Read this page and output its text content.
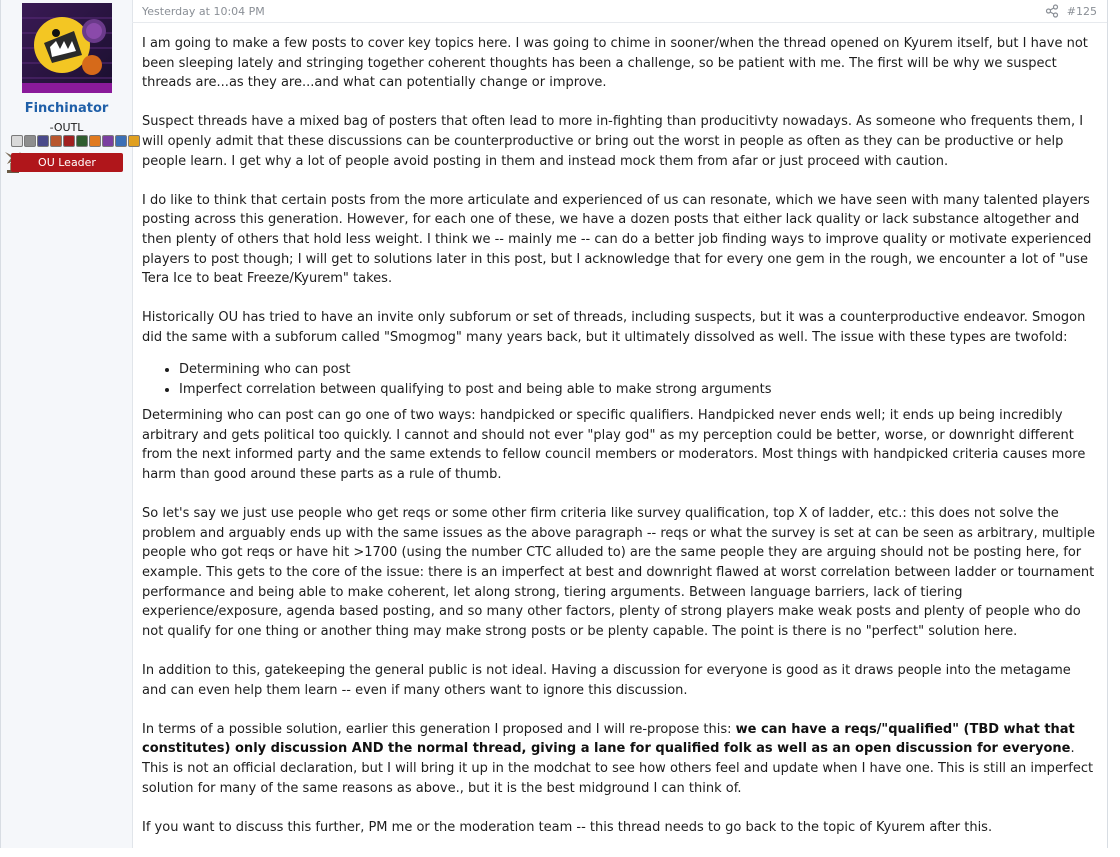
Finchinator
-OUTL
OU Leader
Yesterday at 10:04 PM	#125

I am going to make a few posts to cover key topics here. I was going to chime in sooner/when the thread opened on Kyurem itself, but I have not been sleeping lately and stringing together coherent thoughts has been a challenge, so be patient with me. The first will be why we suspect threads are...as they are...and what can potentially change or improve.

Suspect threads have a mixed bag of posters that often lead to more in-fighting than producitivty nowadays. As someone who frequents them, I will openly admit that these discussions can be counterproductive or bring out the worst in people as often as they can be productive or help people learn. I get why a lot of people avoid posting in them and instead mock them from afar or just proceed with caution.

I do like to think that certain posts from the more articulate and experienced of us can resonate, which we have seen with many talented players posting across this generation. However, for each one of these, we have a dozen posts that either lack quality or lack substance altogether and then plenty of others that hold less weight. I think we -- mainly me -- can do a better job finding ways to improve quality or motivate experienced players to post though; I will get to solutions later in this post, but I acknowledge that for every one gem in the rough, we encounter a lot of "use Tera Ice to beat Freeze/Kyurem" takes.

Historically OU has tried to have an invite only subforum or set of threads, including suspects, but it was a counterproductive endeavor. Smogon did the same with a subforum called "Smogmog" many years back, but it ultimately dissolved as well. The issue with these types are twofold:

• Determining who can post
• Imperfect correlation between qualifying to post and being able to make strong arguments

Determining who can post can go one of two ways: handpicked or specific qualifiers. Handpicked never ends well; it ends up being incredibly arbitrary and gets political too quickly. I cannot and should not ever "play god" as my perception could be better, worse, or downright different from the next informed party and the same extends to fellow council members or moderators. Most things with handpicked criteria causes more harm than good around these parts as a rule of thumb.

So let's say we just use people who get reqs or some other firm criteria like survey qualification, top X of ladder, etc.: this does not solve the problem and arguably ends up with the same issues as the above paragraph -- reqs or what the survey is set at can be seen as arbitrary, multiple people who got reqs or have hit >1700 (using the number CTC alluded to) are the same people they are arguing should not be posting here, for example. This gets to the core of the issue: there is an imperfect at best and downright flawed at worst correlation between ladder or tournament performance and being able to make coherent, let along strong, tiering arguments. Between language barriers, lack of tiering experience/exposure, agenda based posting, and so many other factors, plenty of strong players make weak posts and plenty of people who do not qualify for one thing or another thing may make strong posts or be plenty capable. The point is there is no "perfect" solution here.

In addition to this, gatekeeping the general public is not ideal. Having a discussion for everyone is good as it draws people into the metagame and can even help them learn -- even if many others want to ignore this discussion.

In terms of a possible solution, earlier this generation I proposed and I will re-propose this: we can have a reqs/"qualified" (TBD what that constitutes) only discussion AND the normal thread, giving a lane for qualified folk as well as an open discussion for everyone. This is not an official declaration, but I will bring it up in the modchat to see how others feel and update when I have one. This is still an imperfect solution for many of the same reasons as above., but it is the best midground I can think of.

If you want to discuss this further, PM me or the moderation team -- this thread needs to go back to the topic of Kyurem after this.
